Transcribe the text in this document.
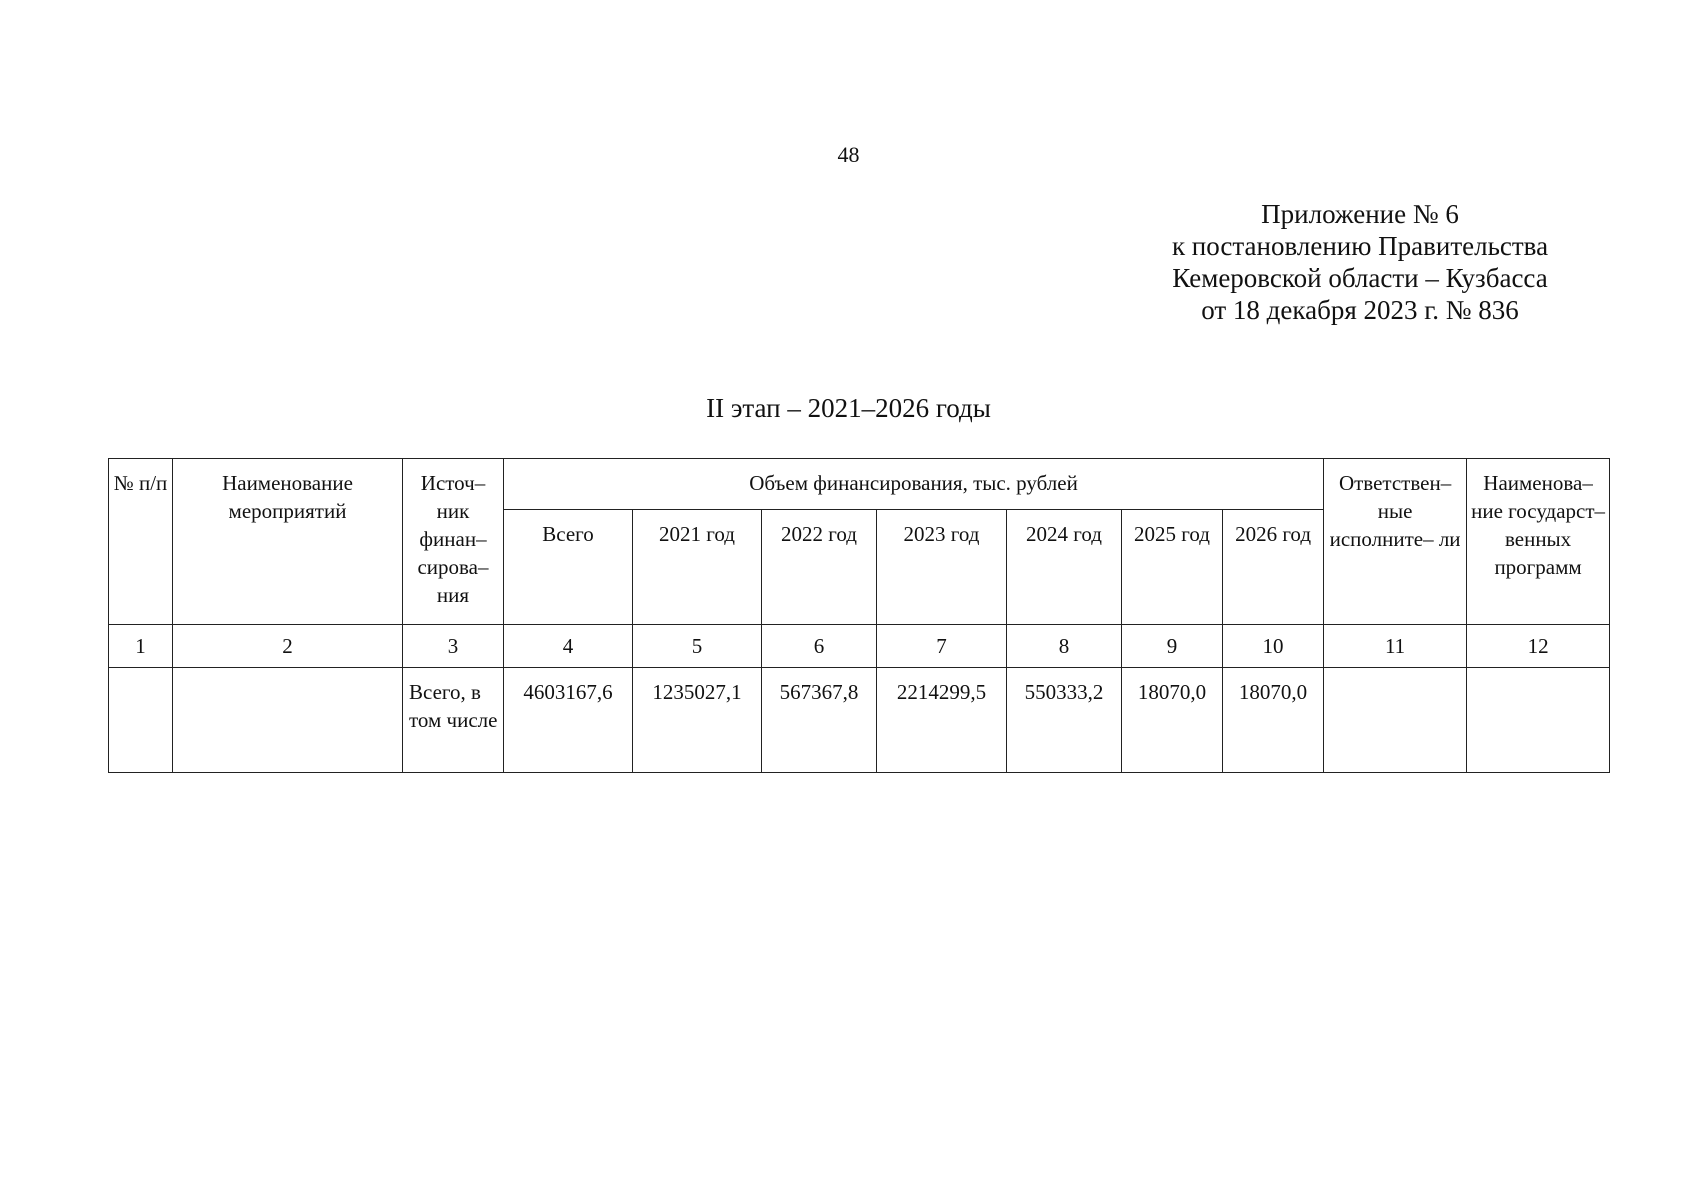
48
Приложение № 6
к постановлению Правительства
Кемеровской области – Кузбасса
от 18 декабря 2023 г. № 836
II этап – 2021–2026 годы
№ п/п	Наименование мероприятий	Источ– ник финан– сирова– ния	Объем финансирования, тыс. рублей							Ответствен– ные исполните– ли	Наименова– ние государст– венных программ
			Всего	2021 год	2022 год	2023 год	2024 год	2025 год	2026 год		
1	2	3	4	5	6	7	8	9	10	11	12
		Всего, в том числе	4603167,6	1235027,1	567367,8	2214299,5	550333,2	18070,0	18070,0		
